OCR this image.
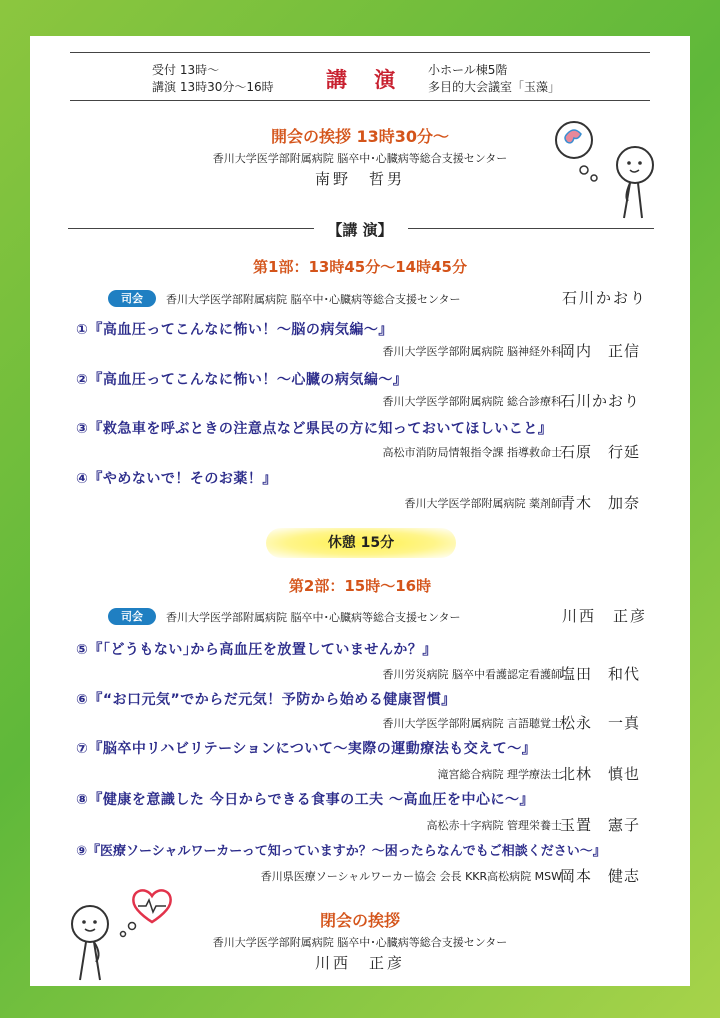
受付 13時〜
講演 13時30分〜16時 講 演 小ホール棟5階
多目的大会議室「玉藻」
開会の挨拶 13時30分〜
香川大学医学部附属病院 脳卒中･心臓病等総合支援センター
南野　哲男
【講 演】
第1部：13時45分〜14時45分
司会	香川大学医学部附属病院 脳卒中･心臓病等総合支援センター	石川かおり
①『高血圧ってこんなに怖い！〜脳の病気編〜』
香川大学医学部附属病院 脳神経外科
岡内　正信
②『高血圧ってこんなに怖い！〜心臓の病気編〜』
香川大学医学部附属病院 総合診療科
石川かおり
③『救急車を呼ぶときの注意点など県民の方に知っておいてほしいこと』
高松市消防局情報指令課 指導救命士
石原　行延
④『やめないで！そのお薬！』
香川大学医学部附属病院 薬剤師
青木　加奈
休憩 15分
第2部：15時〜16時
司会	香川大学医学部附属病院 脳卒中･心臓病等総合支援センター	川西　正彦
⑤『｢どうもない｣から高血圧を放置していませんか？』
香川労災病院 脳卒中看護認定看護師
塩田　和代
⑥『“お口元気”でからだ元気！予防から始める健康習慣』
香川大学医学部附属病院 言語聴覚士
松永　一真
⑦『脳卒中リハビリテーションについて〜実際の運動療法も交えて〜』
滝宮総合病院 理学療法士
北林　慎也
⑧『健康を意識した 今日からできる食事の工夫 〜高血圧を中心に〜』
高松赤十字病院 管理栄養士
玉置　憲子
⑨『医療ソーシャルワーカーって知っていますか？〜困ったらなんでもご相談ください〜』
香川県医療ソーシャルワーカー協会 会長 KKR高松病院 MSW
岡本　健志
閉会の挨拶
香川大学医学部附属病院 脳卒中･心臓病等総合支援センター
川西　正彦
